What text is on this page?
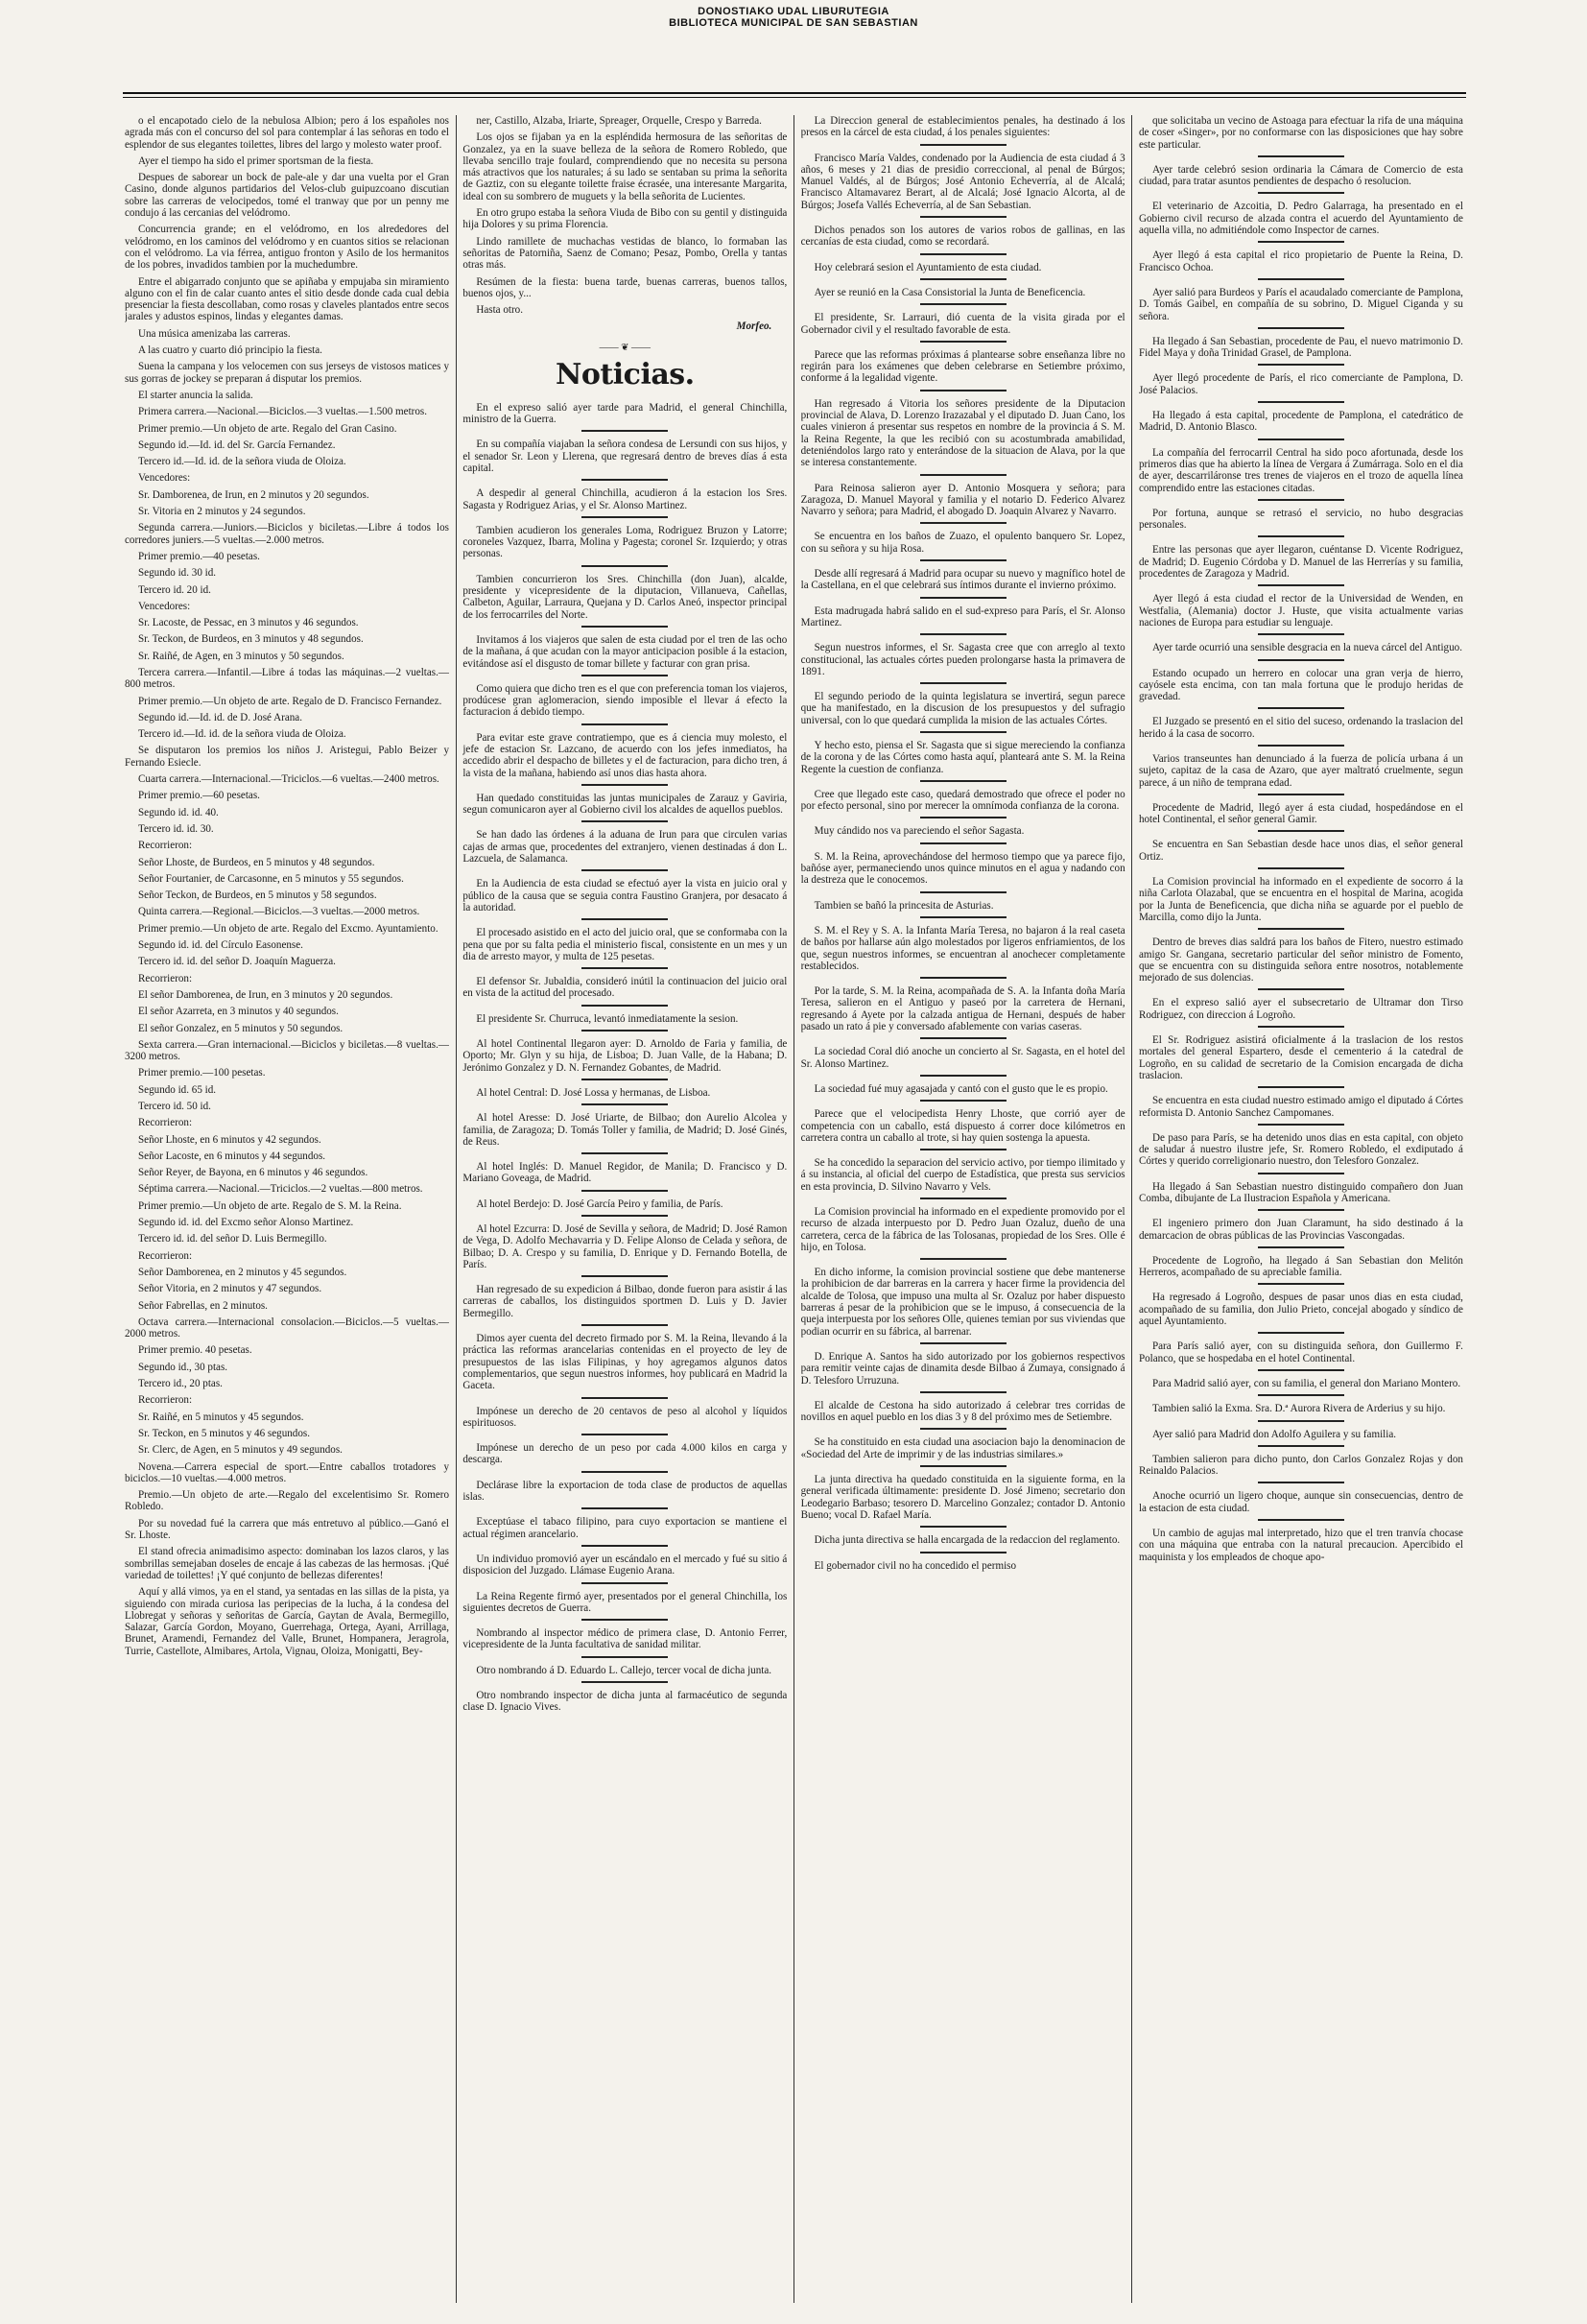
DONOSTIAKO UDAL LIBURUTEGIA
BIBLIOTECA MUNICIPAL DE SAN SEBASTIAN

o el encapotado cielo de la nebulosa Albion; pero á los españoles nos agrada más con el concurso del sol para contemplar á las señoras en todo el esplendor de sus elegantes toilettes, libres del largo y molesto water proof.

Ayer el tiempo ha sido el primer sportsman de la fiesta.

Despues de saborear un bock de pale-ale y dar una vuelta por el Gran Casino, donde algunos partidarios del Velos-club guipuzcoano discutian sobre las carreras de velocipedos, tomé el tranway que por un penny me condujo á las cercanias del velódromo.

Concurrencia grande; en el velódromo, en los alrededores del velódromo, en los caminos del velódromo y en cuantos sitios se relacionan con el velódromo. La via férrea, antiguo fronton y Asilo de los hermanitos de los pobres, invadidos tambien por la muchedumbre.

Entre el abigarrado conjunto que se apiñaba y empujaba sin miramiento alguno con el fin de calar cuanto antes el sitio desde donde cada cual debia presenciar la fiesta descollaban, como rosas y claveles plantados entre secos jarales y adustos espinos, lindas y elegantes damas.

Una música amenizaba las carreras.

A las cuatro y cuarto dió principio la fiesta.

Suena la campana y los velocemen con sus jerseys de vistosos matices y sus gorras de jockey se preparan á disputar los premios.

El starter anuncia la salida.

Primera carrera.—Nacional.—Biciclos.—3 vueltas.—1.500 metros.

Primer premio.—Un objeto de arte. Regalo del Gran Casino.

Segundo id.—Id. id. del Sr. García Fernandez.

Tercero id.—Id. id. de la señora viuda de Oloiza.

Vencedores:

Sr. Damborenea, de Irun, en 2 minutos y 20 segundos.

Sr. Vitoria en 2 minutos y 24 segundos.

Segunda carrera.—Juniors.—Biciclos y biciletas.—Libre á todos los corredores juniers.—5 vueltas.—2.000 metros.

Primer premio.—40 pesetas.

Segundo id. 30 id.

Tercero id. 20 id.

Vencedores:

Sr. Lacoste, de Pessac, en 3 minutos y 46 segundos.

Sr. Teckon, de Burdeos, en 3 minutos y 48 segundos.

Sr. Raiñé, de Agen, en 3 minutos y 50 segundos.

Tercera carrera.—Infantil.—Libre á todas las máquinas.—2 vueltas.—800 metros.

Primer premio.—Un objeto de arte. Regalo de D. Francisco Fernandez.

Segundo id.—Id. id. de D. José Arana.

Tercero id.—Id. id. de la señora viuda de Oloiza.

Se disputaron los premios los niños J. Aristegui, Pablo Beizer y Fernando Esiecle.

Cuarta carrera.—Internacional.—Triciclos.—6 vueltas.—2400 metros.

Primer premio.—60 pesetas.

Segundo id. id. 40.

Tercero id. id. 30.

Recorrieron:

Señor Lhoste, de Burdeos, en 5 minutos y 48 segundos.

Señor Fourtanier, de Carcasonne, en 5 minutos y 55 segundos.

Señor Teckon, de Burdeos, en 5 minutos y 58 segundos.

Quinta carrera.—Regional.—Biciclos.—3 vueltas.—2000 metros.

Primer premio.—Un objeto de arte. Regalo del Excmo. Ayuntamiento.

Segundo id. id. del Círculo Easonense.

Tercero id. id. del señor D. Joaquín Maguerza.

Recorrieron:

El señor Damborenea, de Irun, en 3 minutos y 20 segundos.

El señor Azarreta, en 3 minutos y 40 segundos.

El señor Gonzalez, en 5 minutos y 50 segundos.

Sexta carrera.—Gran internacional.—Biciclos y biciletas.—8 vueltas.—3200 metros.

Primer premio.—100 pesetas.

Segundo id. 65 id.

Tercero id. 50 id.

Recorrieron:

Señor Lhoste, en 6 minutos y 42 segundos.

Señor Lacoste, en 6 minutos y 44 segundos.

Señor Reyer, de Bayona, en 6 minutos y 46 segundos.

Séptima carrera.—Nacional.—Triciclos.—2 vueltas.—800 metros.

Primer premio.—Un objeto de arte. Regalo de S. M. la Reina.

Segundo id. id. del Excmo señor Alonso Martinez.

Tercero id. id. del señor D. Luis Bermegillo.

Recorrieron:

Señor Damborenea, en 2 minutos y 45 segundos.

Señor Vitoria, en 2 minutos y 47 segundos.

Señor Fabrellas, en 2 minutos.

Octava carrera.—Internacional consolacion.—Biciclos.—5 vueltas.—2000 metros.

Primer premio. 40 pesetas.

Segundo id., 30 ptas.

Tercero id., 20 ptas.

Recorrieron:

Sr. Raiñé, en 5 minutos y 45 segundos.

Sr. Teckon, en 5 minutos y 46 segundos.

Sr. Clerc, de Agen, en 5 minutos y 49 segundos.

Novena.—Carrera especial de sport.—Entre caballos trotadores y biciclos.—10 vueltas.—4.000 metros.

Premio.—Un objeto de arte.—Regalo del excelentisimo Sr. Romero Robledo.

Por su novedad fué la carrera que más entretuvo al público.—Ganó el Sr. Lhoste.

El stand ofrecia animadisimo aspecto: dominaban los lazos claros, y las sombrillas semejaban doseles de encaje á las cabezas de las hermosas. ¡Qué variedad de toilettes! ¡Y qué conjunto de bellezas diferentes!

Aquí y allá vimos, ya en el stand, ya sentadas en las sillas de la pista, ya siguiendo con mirada curiosa las peripecias de la lucha, á la condesa del Llobregat y señoras y señoritas de García, Gaytan de Avala, Bermegillo, Salazar, García Gordon, Moyano, Guerrehaga, Ortega, Ayani, Arrillaga, Brunet, Aramendi, Fernandez del Valle, Brunet, Hompanera, Jeragrola, Turrie, Castellote, Almibares, Artola, Vignau, Oloiza, Monigatti, Bey-

ner, Castillo, Alzaba, Iriarte, Spreager, Orquelle, Crespo y Barreda.

Los ojos se fijaban ya en la espléndida hermosura de las señoritas de Gonzalez, ya en la suave belleza de la señora de Romero Robledo, que llevaba sencillo traje foulard, comprendiendo que no necesita su persona más atractivos que los naturales; á su lado se sentaban su prima la señorita de Gaztiz, con su elegante toilette fraise écrasée, una interesante Margarita, ideal con su sombrero de muguets y la bella señorita de Lucientes.

En otro grupo estaba la señora Viuda de Bibo con su gentil y distinguida hija Dolores y su prima Florencia.

Lindo ramillete de muchachas vestidas de blanco, lo formaban las señoritas de Patorniña, Saenz de Comano; Pesaz, Pombo, Orella y tantas otras más.

Resúmen de la fiesta: buena tarde, buenas carreras, buenos tallos, buenos ojos, y...

Hasta otro.

Morfeo.
—— ❦ ——
Noticias.

En el expreso salió ayer tarde para Madrid, el general Chinchilla, ministro de la Guerra.

En su compañía viajaban la señora condesa de Lersundi con sus hijos, y el senador Sr. Leon y Llerena, que regresará dentro de breves días á esta capital.

A despedir al general Chinchilla, acudieron á la estacion los Sres. Sagasta y Rodriguez Arias, y el Sr. Alonso Martinez.

Tambien acudieron los generales Loma, Rodriguez Bruzon y Latorre; coroneles Vazquez, Ibarra, Molina y Pagesta; coronel Sr. Izquierdo; y otras personas.

Tambien concurrieron los Sres. Chinchilla (don Juan), alcalde, presidente y vicepresidente de la diputacion, Villanueva, Cañellas, Calbeton, Aguilar, Larraura, Quejana y D. Carlos Aneó, inspector principal de los ferrocarriles del Norte.

Invitamos á los viajeros que salen de esta ciudad por el tren de las ocho de la mañana, á que acudan con la mayor anticipacion posible á la estacion, evitándose así el disgusto de tomar billete y facturar con gran prisa.

Como quiera que dicho tren es el que con preferencia toman los viajeros, prodúcese gran aglomeracion, siendo imposible el llevar á efecto la facturacion á debido tiempo.

Para evitar este grave contratiempo, que es á ciencia muy molesto, el jefe de estacion Sr. Lazcano, de acuerdo con los jefes inmediatos, ha accedido abrir el despacho de billetes y el de facturacion, para dicho tren, á la vista de la mañana, habiendo así unos dias hasta ahora.

Han quedado constituidas las juntas municipales de Zarauz y Gaviria, segun comunicaron ayer al Gobierno civil los alcaldes de aquellos pueblos.

Se han dado las órdenes á la aduana de Irun para que circulen varias cajas de armas que, procedentes del extranjero, vienen destinadas á don L. Lazcuela, de Salamanca.

En la Audiencia de esta ciudad se efectuó ayer la vista en juicio oral y público de la causa que se seguia contra Faustino Granjera, por desacato á la autoridad.

El procesado asistido en el acto del juicio oral, que se conformaba con la pena que por su falta pedia el ministerio fiscal, consistente en un mes y un dia de arresto mayor, y multa de 125 pesetas.

El defensor Sr. Jubaldia, consideró inútil la continuacion del juicio oral en vista de la actitud del procesado.

El presidente Sr. Churruca, levantó inmediatamente la sesion.

Al hotel Continental llegaron ayer: D. Arnoldo de Faria y familia, de Oporto; Mr. Glyn y su hija, de Lisboa; D. Juan Valle, de la Habana; D. Jerónimo Gonzalez y D. N. Fernandez Gobantes, de Madrid.

Al hotel Central: D. José Lossa y hermanas, de Lisboa.

Al hotel Aresse: D. José Uriarte, de Bilbao; don Aurelio Alcolea y familia, de Zaragoza; D. Tomás Toller y familia, de Madrid; D. José Ginés, de Reus.

Al hotel Inglés: D. Manuel Regidor, de Manila; D. Francisco y D. Mariano Goveaga, de Madrid.

Al hotel Berdejo: D. José García Peiro y familia, de París.

Al hotel Ezcurra: D. José de Sevilla y señora, de Madrid; D. José Ramon de Vega, D. Adolfo Mechavarria y D. Felipe Alonso de Celada y señora, de Bilbao; D. A. Crespo y su familia, D. Enrique y D. Fernando Botella, de París.

Han regresado de su expedicion á Bilbao, donde fueron para asistir á las carreras de caballos, los distinguidos sportmen D. Luis y D. Javier Bermegillo.

Dimos ayer cuenta del decreto firmado por S. M. la Reina, llevando á la práctica las reformas arancelarias contenidas en el proyecto de ley de presupuestos de las islas Filipinas, y hoy agregamos algunos datos complementarios, que segun nuestros informes, hoy publicará en Madrid la Gaceta.

Impónese un derecho de 20 centavos de peso al alcohol y líquidos espirituosos.

Impónese un derecho de un peso por cada 4.000 kilos en carga y descarga.

Declárase libre la exportacion de toda clase de productos de aquellas islas.

Exceptúase el tabaco filipino, para cuyo exportacion se mantiene el actual régimen arancelario.

Un individuo promovió ayer un escándalo en el mercado y fué su sitio á disposicion del Juzgado. Llámase Eugenio Arana.

La Reina Regente firmó ayer, presentados por el general Chinchilla, los siguientes decretos de Guerra.

Nombrando al inspector médico de primera clase, D. Antonio Ferrer, vicepresidente de la Junta facultativa de sanidad militar.

Otro nombrando á D. Eduardo L. Callejo, tercer vocal de dicha junta.

Otro nombrando inspector de dicha junta al farmacéutico de segunda clase D. Ignacio Vives.

La Direccion general de establecimientos penales, ha destinado á los presos en la cárcel de esta ciudad, á los penales siguientes:

Francisco María Valdes, condenado por la Audiencia de esta ciudad á 3 años, 6 meses y 21 dias de presidio correccional, al penal de Búrgos; Manuel Valdés, al de Búrgos; José Antonio Echeverría, al de Alcalá; Francisco Altamavarez Berart, al de Alcalá; José Ignacio Alcorta, al de Búrgos; Josefa Vallés Echeverría, al de San Sebastian.

Dichos penados son los autores de varios robos de gallinas, en las cercanías de esta ciudad, como se recordará.

Hoy celebrará sesion el Ayuntamiento de esta ciudad.

Ayer se reunió en la Casa Consistorial la Junta de Beneficencia.

El presidente, Sr. Larrauri, dió cuenta de la visita girada por el Gobernador civil y el resultado favorable de esta.

Parece que las reformas próximas á plantearse sobre enseñanza libre no regirán para los exámenes que deben celebrarse en Setiembre próximo, conforme á la legalidad vigente.

Han regresado á Vitoria los señores presidente de la Diputacion provincial de Alava, D. Lorenzo Irazazabal y el diputado D. Juan Cano, los cuales vinieron á presentar sus respetos en nombre de la provincia á S. M. la Reina Regente, la que les recibió con su acostumbrada amabilidad, deteniéndolos largo rato y enterándose de la situacion de Alava, por la que se interesa constantemente.

Para Reinosa salieron ayer D. Antonio Mosquera y señora; para Zaragoza, D. Manuel Mayoral y familia y el notario D. Federico Alvarez Navarro y señora; para Madrid, el abogado D. Joaquin Alvarez y Navarro.

Se encuentra en los baños de Zuazo, el opulento banquero Sr. Lopez, con su señora y su hija Rosa.

Desde allí regresará á Madrid para ocupar su nuevo y magnífico hotel de la Castellana, en el que celebrará sus íntimos durante el invierno próximo.

Esta madrugada habrá salido en el sud-expreso para París, el Sr. Alonso Martinez.

Segun nuestros informes, el Sr. Sagasta cree que con arreglo al texto constitucional, las actuales córtes pueden prolongarse hasta la primavera de 1891.

El segundo periodo de la quinta legislatura se invertirá, segun parece que ha manifestado, en la discusion de los presupuestos y del sufragio universal, con lo que quedará cumplida la mision de las actuales Córtes.

Y hecho esto, piensa el Sr. Sagasta que si sigue mereciendo la confianza de la corona y de las Córtes como hasta aquí, planteará ante S. M. la Reina Regente la cuestion de confianza.

Cree que llegado este caso, quedará demostrado que ofrece el poder no por efecto personal, sino por merecer la omnímoda confianza de la corona.

Muy cándido nos va pareciendo el señor Sagasta.

S. M. la Reina, aprovechándose del hermoso tiempo que ya parece fijo, bañóse ayer, permaneciendo unos quince minutos en el agua y nadando con la destreza que le conocemos.

Tambien se bañó la princesita de Asturias.

S. M. el Rey y S. A. la Infanta María Teresa, no bajaron á la real caseta de baños por hallarse aún algo molestados por ligeros enfriamientos, de los que, segun nuestros informes, se encuentran al anochecer completamente restablecidos.

Por la tarde, S. M. la Reina, acompañada de S. A. la Infanta doña María Teresa, salieron en el Antiguo y paseó por la carretera de Hernani, regresando á Ayete por la calzada antigua de Hernani, después de haber pasado un rato á pie y conversado afablemente con varias caseras.

La sociedad Coral dió anoche un concierto al Sr. Sagasta, en el hotel del Sr. Alonso Martinez.

La sociedad fué muy agasajada y cantó con el gusto que le es propio.

Parece que el velocipedista Henry Lhoste, que corrió ayer de competencia con un caballo, está dispuesto á correr doce kilómetros en carretera contra un caballo al trote, si hay quien sostenga la apuesta.

Se ha concedido la separacion del servicio activo, por tiempo ilimitado y á su instancia, al oficial del cuerpo de Estadística, que presta sus servicios en esta provincia, D. Silvino Navarro y Vels.

La Comision provincial ha informado en el expediente promovido por el recurso de alzada interpuesto por D. Pedro Juan Ozaluz, dueño de una carretera, cerca de la fábrica de las Tolosanas, propiedad de los Sres. Olle é hijo, en Tolosa.

En dicho informe, la comision provincial sostiene que debe mantenerse la prohibicion de dar barreras en la carrera y hacer firme la providencia del alcalde de Tolosa, que impuso una multa al Sr. Ozaluz por haber dispuesto barreras á pesar de la prohibicion que se le impuso, á consecuencia de la queja interpuesta por los señores Olle, quienes temian por sus viviendas que podian ocurrir en su fábrica, al barrenar.

D. Enrique A. Santos ha sido autorizado por los gobiernos respectivos para remitir veinte cajas de dinamita desde Bilbao á Zumaya, consignado á D. Telesforo Urruzuna.

El alcalde de Cestona ha sido autorizado á celebrar tres corridas de novillos en aquel pueblo en los dias 3 y 8 del próximo mes de Setiembre.

Se ha constituido en esta ciudad una asociacion bajo la denominacion de «Sociedad del Arte de imprimir y de las industrias similares.»

La junta directiva ha quedado constituida en la siguiente forma, en la general verificada últimamente: presidente D. José Jimeno; secretario don Leodegario Barbaso; tesorero D. Marcelino Gonzalez; contador D. Antonio Bueno; vocal D. Rafael María.

Dicha junta directiva se halla encargada de la redaccion del reglamento.

El gobernador civil no ha concedido el permiso

que solicitaba un vecino de Astoaga para efectuar la rifa de una máquina de coser «Singer», por no conformarse con las disposiciones que hay sobre este particular.

Ayer tarde celebró sesion ordinaria la Cámara de Comercio de esta ciudad, para tratar asuntos pendientes de despacho ó resolucion.

El veterinario de Azcoitia, D. Pedro Galarraga, ha presentado en el Gobierno civil recurso de alzada contra el acuerdo del Ayuntamiento de aquella villa, no admitiéndole como Inspector de carnes.

Ayer llegó á esta capital el rico propietario de Puente la Reina, D. Francisco Ochoa.

Ayer salió para Burdeos y París el acaudalado comerciante de Pamplona, D. Tomás Gaibel, en compañía de su sobrino, D. Miguel Ciganda y su señora.

Ha llegado á San Sebastian, procedente de Pau, el nuevo matrimonio D. Fidel Maya y doña Trinidad Grasel, de Pamplona.

Ayer llegó procedente de París, el rico comerciante de Pamplona, D. José Palacios.

Ha llegado á esta capital, procedente de Pamplona, el catedrático de Madrid, D. Antonio Blasco.

La compañía del ferrocarril Central ha sido poco afortunada, desde los primeros dias que ha abierto la línea de Vergara á Zumárraga. Solo en el dia de ayer, descarriláronse tres trenes de viajeros en el trozo de aquella línea comprendido entre las estaciones citadas.

Por fortuna, aunque se retrasó el servicio, no hubo desgracias personales.

Entre las personas que ayer llegaron, cuéntanse D. Vicente Rodriguez, de Madrid; D. Eugenio Córdoba y D. Manuel de las Herrerías y su familia, procedentes de Zaragoza y Madrid.

Ayer llegó á esta ciudad el rector de la Universidad de Wenden, en Westfalia, (Alemania) doctor J. Huste, que visita actualmente varias naciones de Europa para estudiar su lenguaje.

Ayer tarde ocurrió una sensible desgracia en la nueva cárcel del Antiguo.

Estando ocupado un herrero en colocar una gran verja de hierro, cayósele esta encima, con tan mala fortuna que le produjo heridas de gravedad.

El Juzgado se presentó en el sitio del suceso, ordenando la traslacion del herido á la casa de socorro.

Varios transeuntes han denunciado á la fuerza de policía urbana á un sujeto, capitaz de la casa de Azaro, que ayer maltrató cruelmente, segun parece, á un niño de temprana edad.

Procedente de Madrid, llegó ayer á esta ciudad, hospedándose en el hotel Continental, el señor general Gamir.

Se encuentra en San Sebastian desde hace unos dias, el señor general Ortiz.

La Comision provincial ha informado en el expediente de socorro á la niña Carlota Olazabal, que se encuentra en el hospital de Marina, acogida por la Junta de Beneficencia, que dicha niña se aguarde por el pueblo de Marcilla, como dijo la Junta.

Dentro de breves dias saldrá para los baños de Fitero, nuestro estimado amigo Sr. Gangana, secretario particular del señor ministro de Fomento, que se encuentra con su distinguida señora entre nosotros, notablemente mejorado de sus dolencias.

En el expreso salió ayer el subsecretario de Ultramar don Tirso Rodriguez, con direccion á Logroño.

El Sr. Rodriguez asistirá oficialmente á la traslacion de los restos mortales del general Espartero, desde el cementerio á la catedral de Logroño, en su calidad de secretario de la Comision encargada de dicha traslacion.

Se encuentra en esta ciudad nuestro estimado amigo el diputado á Córtes reformista D. Antonio Sanchez Campomanes.

De paso para París, se ha detenido unos dias en esta capital, con objeto de saludar á nuestro ilustre jefe, Sr. Romero Robledo, el exdiputado á Córtes y querido correligionario nuestro, don Telesforo Gonzalez.

Ha llegado á San Sebastian nuestro distinguido compañero don Juan Comba, dibujante de La Ilustracion Española y Americana.

El ingeniero primero don Juan Claramunt, ha sido destinado á la demarcacion de obras públicas de las Provincias Vascongadas.

Procedente de Logroño, ha llegado á San Sebastian don Melitón Herreros, acompañado de su apreciable familia.

Ha regresado á Logroño, despues de pasar unos dias en esta ciudad, acompañado de su familia, don Julio Prieto, concejal abogado y síndico de aquel Ayuntamiento.

Para París salió ayer, con su distinguida señora, don Guillermo F. Polanco, que se hospedaba en el hotel Continental.

Para Madrid salió ayer, con su familia, el general don Mariano Montero.

Tambien salió la Exma. Sra. D.ª Aurora Rivera de Arderius y su hijo.

Ayer salió para Madrid don Adolfo Aguilera y su familia.

Tambien salieron para dicho punto, don Carlos Gonzalez Rojas y don Reinaldo Palacios.

Anoche ocurrió un ligero choque, aunque sin consecuencias, dentro de la estacion de esta ciudad.

Un cambio de agujas mal interpretado, hizo que el tren tranvía chocase con una máquina que entraba con la natural precaucion. Apercibido el maquinista y los empleados de choque apo-
